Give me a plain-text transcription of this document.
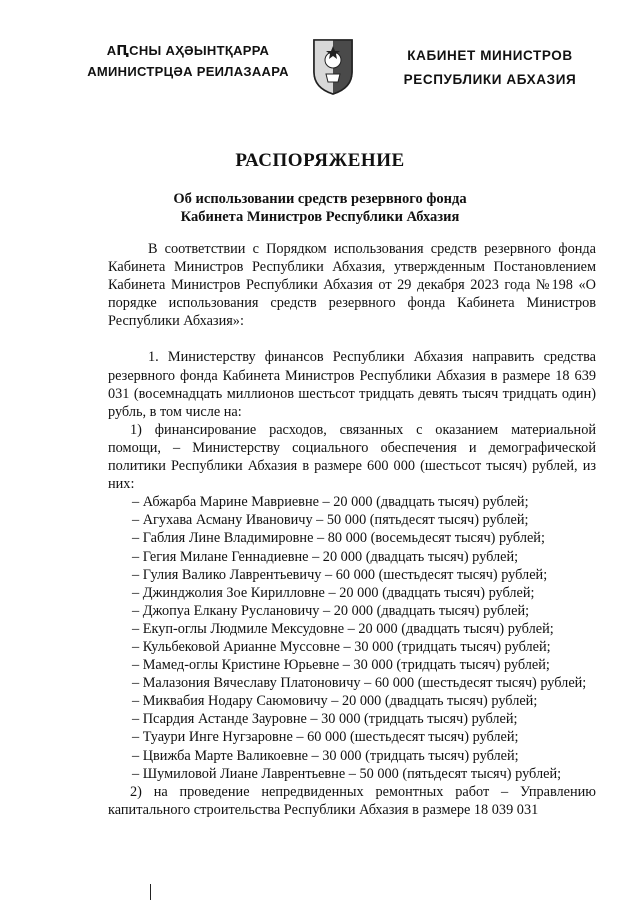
АԤСНЫ АҲӘЫНТҚАРРА
АМИНИСТРЦӘА РЕИЛАЗААРА
КАБИНЕТ МИНИСТРОВ
РЕСПУБЛИКИ АБХАЗИЯ
РАСПОРЯЖЕНИЕ
Об использовании средств резервного фонда
Кабинета Министров Республики Абхазия

В соответствии с Порядком использования средств резервного фонда Кабинета Министров Республики Абхазия, утвержденным Постановлением Кабинета Министров Республики Абхазия от 29 декабря 2023 года №198 «О порядке использования средств резервного фонда Кабинета Министров Республики Абхазия»:

1. Министерству финансов Республики Абхазия направить средства резервного фонда Кабинета Министров Республики Абхазия в размере 18 639 031 (восемнадцать миллионов шестьсот тридцать девять тысяч тридцать один) рубль, в том числе на:

1) финансирование расходов, связанных с оказанием материальной помощи, – Министерству социального обеспечения и демографической политики Республики Абхазия в размере 600 000 (шестьсот тысяч) рублей, из них:

– Абжарба Марине Мавриевне – 20 000 (двадцать тысяч) рублей;

– Агухава Асману Ивановичу – 50 000 (пятьдесят тысяч) рублей;

– Габлия Лине Владимировне – 80 000 (восемьдесят тысяч) рублей;

– Гегия Милане Геннадиевне – 20 000 (двадцать тысяч) рублей;

– Гулия Валико Лаврентьевичу – 60 000 (шестьдесят тысяч) рублей;

– Джинджолия Зое Кирилловне – 20 000 (двадцать тысяч) рублей;

– Джопуа Елкану Руслановичу – 20 000 (двадцать тысяч) рублей;

– Екуп-оглы Людмиле Мексудовне – 20 000 (двадцать тысяч) рублей;

– Кульбековой Арианне Муссовне – 30 000 (тридцать тысяч) рублей;

– Мамед-оглы Кристине Юрьевне – 30 000 (тридцать тысяч) рублей;

– Малазония Вячеславу Платоновичу – 60 000 (шестьдесят тысяч) рублей;

– Миквабия Нодару Саюмовичу – 20 000 (двадцать тысяч) рублей;

– Псардия Астанде Зауровне – 30 000 (тридцать тысяч) рублей;

– Туаури Инге Нугзаровне – 60 000 (шестьдесят тысяч) рублей;

– Цвижба Марте Валикоевне – 30 000 (тридцать тысяч) рублей;

– Шумиловой Лиане Лаврентьевне – 50 000 (пятьдесят тысяч) рублей;

2) на проведение непредвиденных ремонтных работ – Управлению капитального строительства Республики Абхазия в размере 18 039 031
